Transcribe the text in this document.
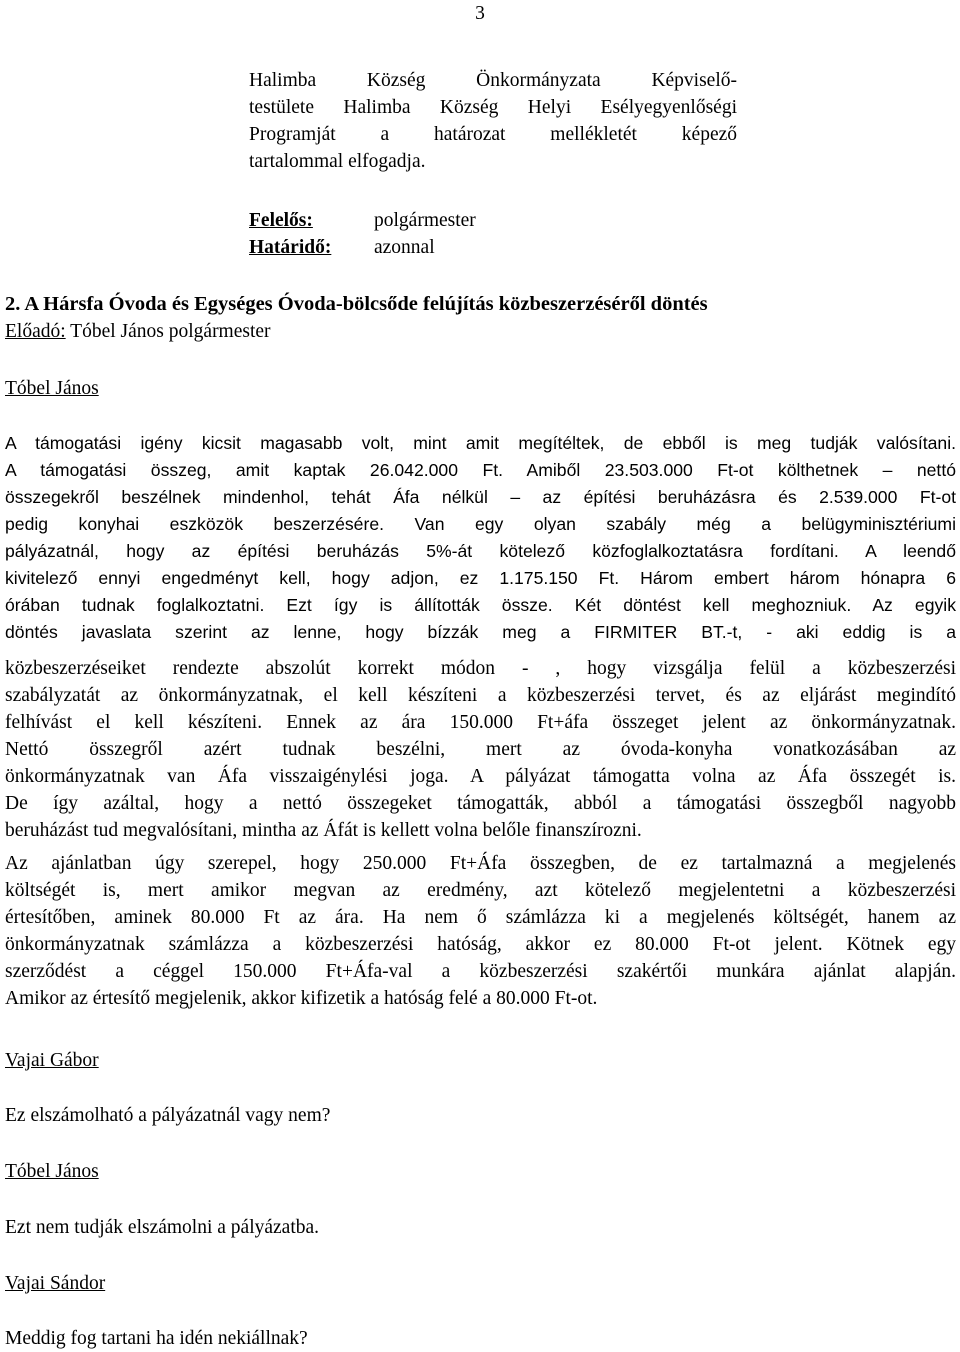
3
Halimba Község Önkormányzata Képviselő-
testülete Halimba Község Helyi Esélyegyenlőségi
Programját a határozat mellékletét képező
tartalommal elfogadja.
Felelős:	polgármester
Határidő:	azonnal
2. A Hársfa Óvoda és Egységes Óvoda-bölcsőde felújítás közbeszerzéséről döntés
Előadó: Tóbel János polgármester
Tóbel János
A támogatási igény kicsit magasabb volt, mint amit megítéltek, de ebből is meg tudják valósítani.
A támogatási összeg, amit kaptak 26.042.000 Ft. Amiből 23.503.000 Ft-ot költhetnek – nettó
összegekről beszélnek mindenhol, tehát Áfa nélkül – az építési beruházásra és 2.539.000 Ft-ot
pedig konyhai eszközök beszerzésére. Van egy olyan szabály még a belügyminisztériumi
pályázatnál, hogy az építési beruházás 5%-át kötelező közfoglalkoztatásra fordítani. A leendő
kivitelező ennyi engedményt kell, hogy adjon, ez 1.175.150 Ft. Három embert három hónapra 6
órában tudnak foglalkoztatni. Ezt így is állították össze. Két döntést kell meghozniuk. Az egyik
döntés javaslata szerint az lenne, hogy bízzák meg a FIRMITER BT.-t, - aki eddig is a
közbeszerzéseiket rendezte abszolút korrekt módon - , hogy vizsgálja felül a közbeszerzési
szabályzatát az önkormányzatnak, el kell készíteni a közbeszerzési tervet, és az eljárást megindító
felhívást el kell készíteni. Ennek az ára 150.000 Ft+áfa összeget jelent az önkormányzatnak.
Nettó összegről azért tudnak beszélni, mert az óvoda-konyha vonatkozásában az
önkormányzatnak van Áfa visszaigénylési joga. A pályázat támogatta volna az Áfa összegét is.
De így azáltal, hogy a nettó összegeket támogatták, abból a támogatási összegből nagyobb
beruházást tud megvalósítani, mintha az Áfát is kellett volna belőle finanszírozni.
Az ajánlatban úgy szerepel, hogy 250.000 Ft+Áfa összegben, de ez tartalmazná a megjelenés
költségét is, mert amikor megvan az eredmény, azt kötelező megjelentetni a közbeszerzési
értesítőben, aminek 80.000 Ft az ára. Ha nem ő számlázza ki a megjelenés költségét, hanem az
önkormányzatnak számlázza a közbeszerzési hatóság, akkor ez 80.000 Ft-ot jelent. Kötnek egy
szerződést a céggel 150.000 Ft+Áfa-val a közbeszerzési szakértői munkára ajánlat alapján.
Amikor az értesítő megjelenik, akkor kifizetik a hatóság felé a 80.000 Ft-ot.
Vajai Gábor
Ez elszámolható a pályázatnál vagy nem?
Tóbel János
Ezt nem tudják elszámolni a pályázatba.
Vajai Sándor
Meddig fog tartani ha idén nekiállnak?
